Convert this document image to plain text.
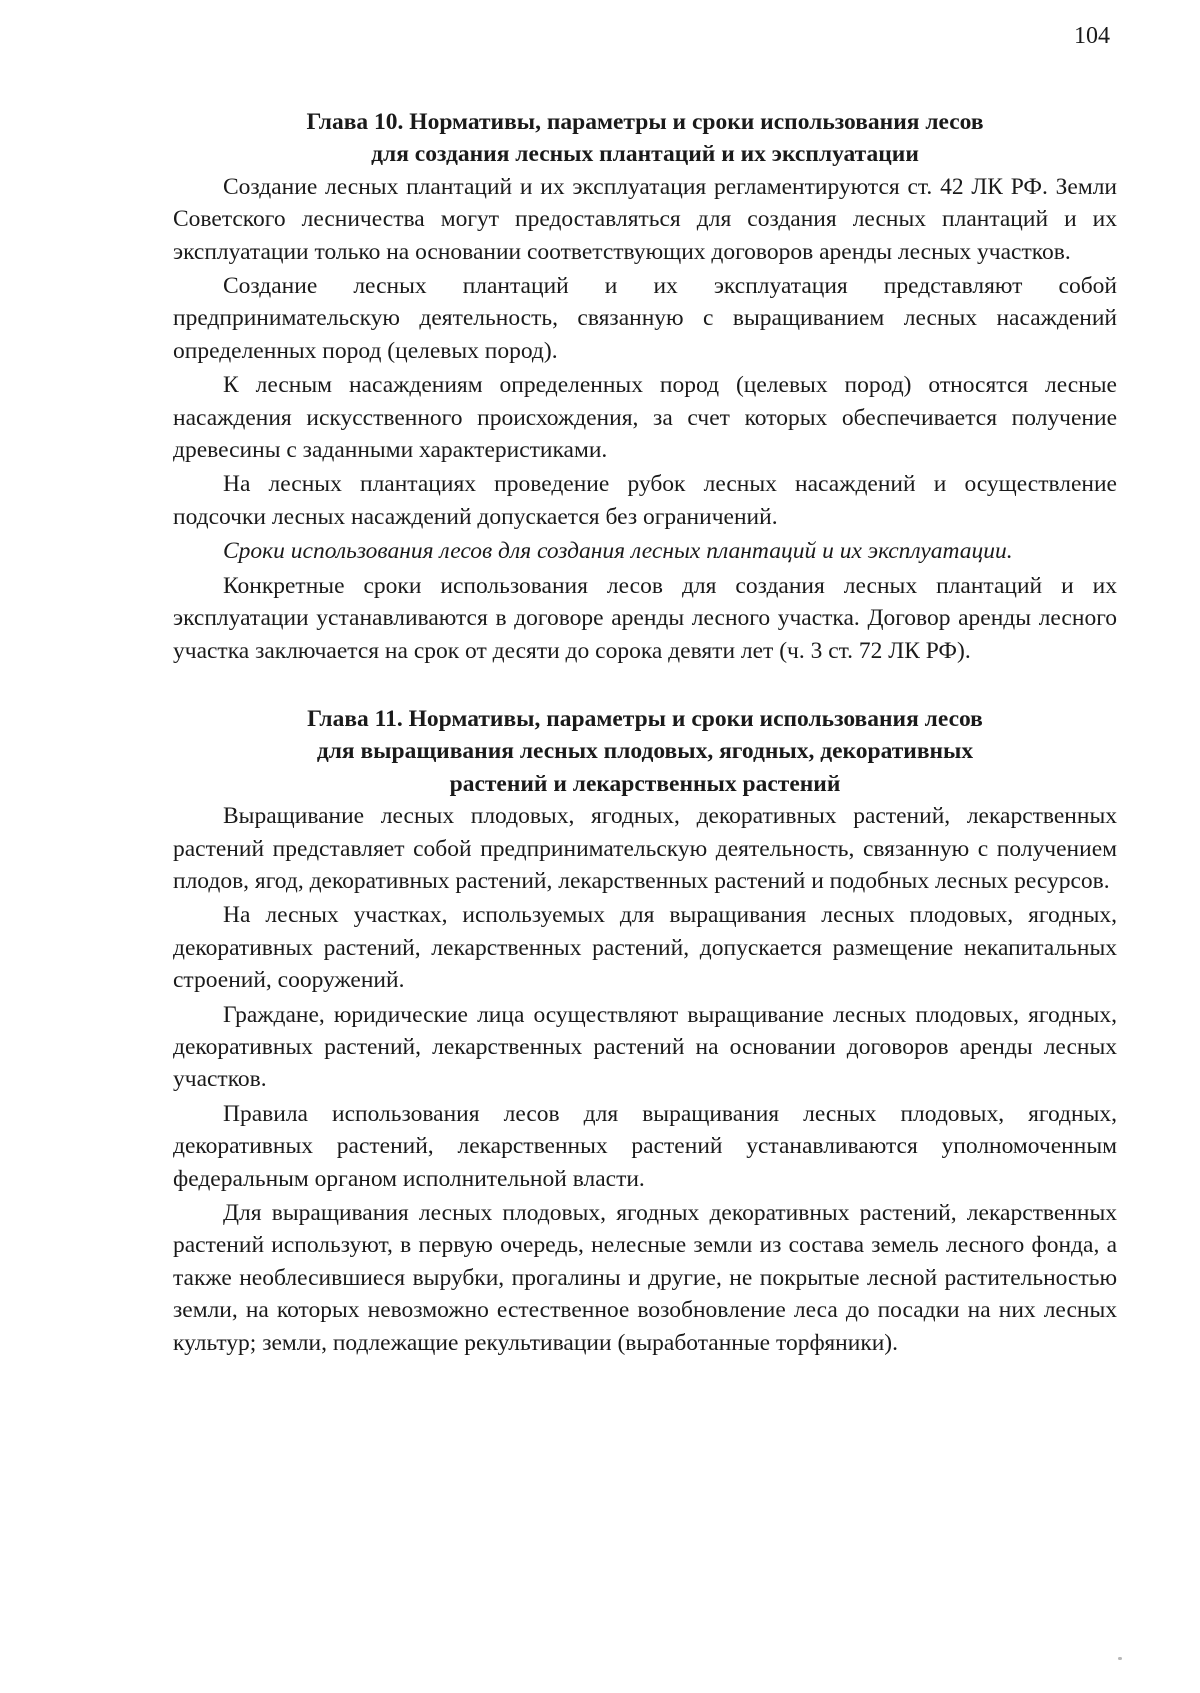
104
Глава 10. Нормативы, параметры и сроки использования лесов
для создания лесных плантаций и их эксплуатации

Создание лесных плантаций и их эксплуатация регламентируются ст. 42 ЛК РФ. Земли Советского лесничества могут предоставляться для создания лесных плантаций и их эксплуатации только на основании соответствующих договоров аренды лесных участков.

Создание лесных плантаций и их эксплуатация представляют собой предпринимательскую деятельность, связанную с выращиванием лесных насаждений определенных пород (целевых пород).

К лесным насаждениям определенных пород (целевых пород) относятся лесные насаждения искусственного происхождения, за счет которых обеспечивается получение древесины с заданными характеристиками.

На лесных плантациях проведение рубок лесных насаждений и осуществление подсочки лесных насаждений допускается без ограничений.

Сроки использования лесов для создания лесных плантаций и их эксплуатации.

Конкретные сроки использования лесов для создания лесных плантаций и их эксплуатации устанавливаются в договоре аренды лесного участка. Договор аренды лесного участка заключается на срок от десяти до сорока девяти лет (ч. 3 ст. 72 ЛК РФ).

Глава 11. Нормативы, параметры и сроки использования лесов
для выращивания лесных плодовых, ягодных, декоративных
растений и лекарственных растений

Выращивание лесных плодовых, ягодных, декоративных растений, лекарственных растений представляет собой предпринимательскую деятельность, связанную с получением плодов, ягод, декоративных растений, лекарственных растений и подобных лесных ресурсов.

На лесных участках, используемых для выращивания лесных плодовых, ягодных, декоративных растений, лекарственных растений, допускается размещение некапитальных строений, сооружений.

Граждане, юридические лица осуществляют выращивание лесных плодовых, ягодных, декоративных растений, лекарственных растений на основании договоров аренды лесных участков.

Правила использования лесов для выращивания лесных плодовых, ягодных, декоративных растений, лекарственных растений устанавливаются уполномоченным федеральным органом исполнительной власти.

Для выращивания лесных плодовых, ягодных декоративных растений, лекарственных растений используют, в первую очередь, нелесные земли из состава земель лесного фонда, а также необлесившиеся вырубки, прогалины и другие, не покрытые лесной растительностью земли, на которых невозможно естественное возобновление леса до посадки на них лесных культур; земли, подлежащие рекультивации (выработанные торфяники).
